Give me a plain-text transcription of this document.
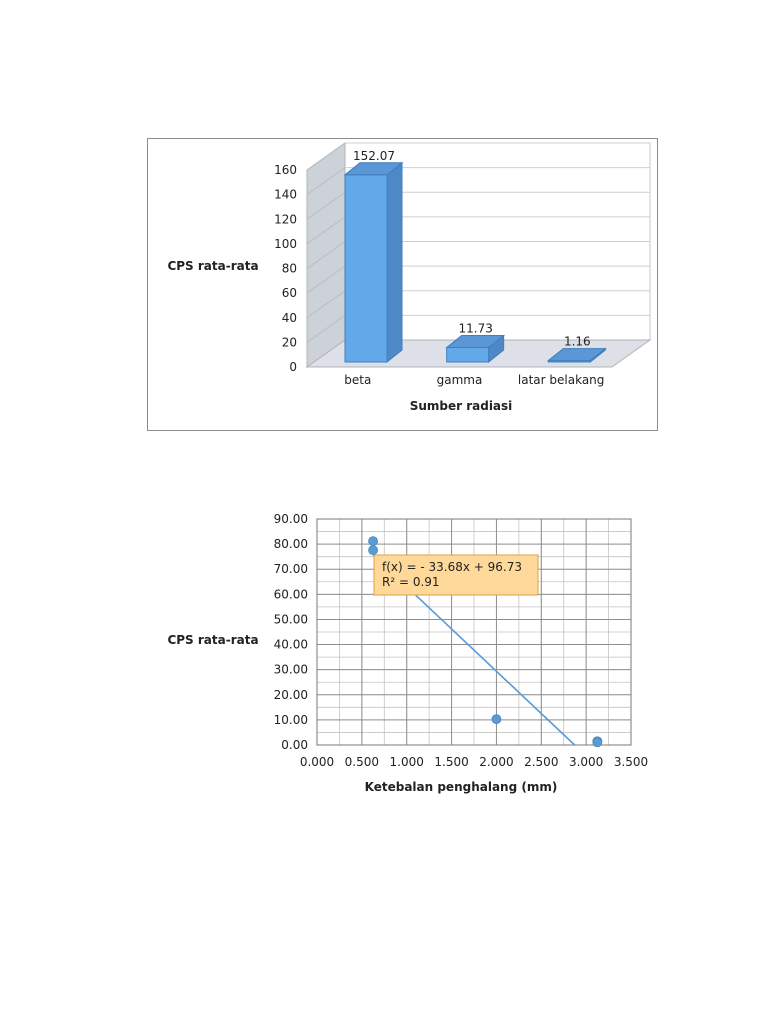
0
20
40
60
80
100
120
140
160
152.07
beta
11.73
gamma
1.16
latar belakang
CPS rata-rata
Sumber radiasi
0.000 0.500 1.000 1.500 2.000 2.500 3.000 3.500
0.00
10.00
20.00
30.00
40.00
50.00
60.00
70.00
80.00
90.00
f(x) = - 33.68x + 96.73
R² = 0.91
CPS rata-rata
Ketebalan penghalang (mm)
